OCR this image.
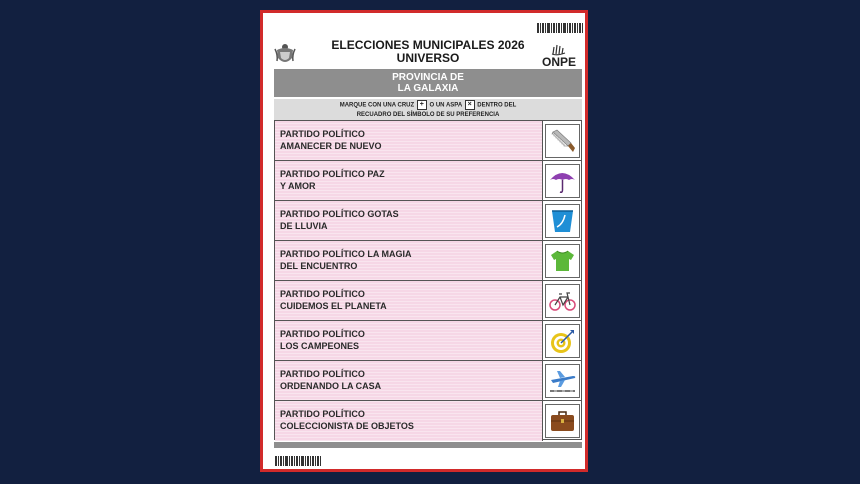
ELECCIONES MUNICIPALES 2026
UNIVERSO	ONPE
PROVINCIA DE
LA GALAXIA
MARQUE CON UNA CRUZ + O UN ASPA × DENTRO DEL
RECUADRO DEL SÍMBOLO DE SU PREFERENCIA
PARTIDO POLÍTICO
AMANECER DE NUEVO
PARTIDO POLÍTICO PAZ
Y AMOR
PARTIDO POLÍTICO GOTAS
DE LLUVIA
PARTIDO POLÍTICO LA MAGIA
DEL ENCUENTRO
PARTIDO POLÍTICO
CUIDEMOS EL PLANETA
PARTIDO POLÍTICO
LOS CAMPEONES
PARTIDO POLÍTICO
ORDENANDO LA CASA
PARTIDO POLÍTICO
COLECCIONISTA DE OBJETOS
